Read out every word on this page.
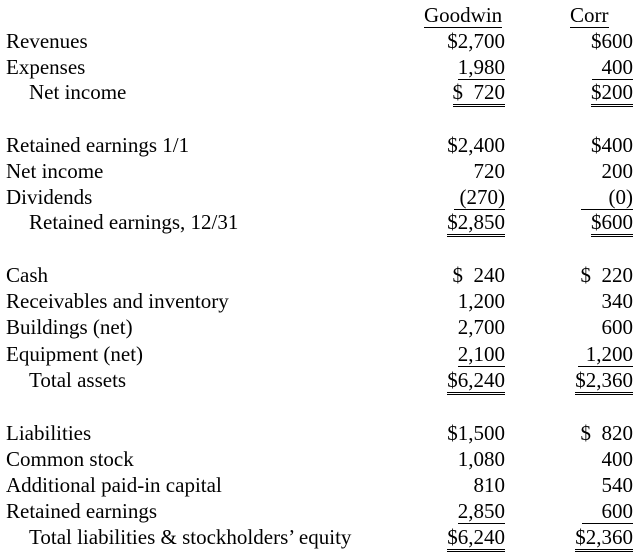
Goodwin	Corr
Revenues	$2,700	$600
Expenses	1,980	400
Net income	$  720	$200
Retained earnings 1/1	$2,400	$400
Net income	720	200
Dividends	(270)	(0)
Retained earnings, 12/31	$2,850	$600
Cash	$  240	$  220
Receivables and inventory	1,200	340
Buildings (net)	2,700	600
Equipment (net)	2,100	1,200
Total assets	$6,240	$2,360
Liabilities	$1,500	$  820
Common stock	1,080	400
Additional paid-in capital	810	540
Retained earnings	2,850	600
Total liabilities & stockholders’ equity	$6,240	$2,360
